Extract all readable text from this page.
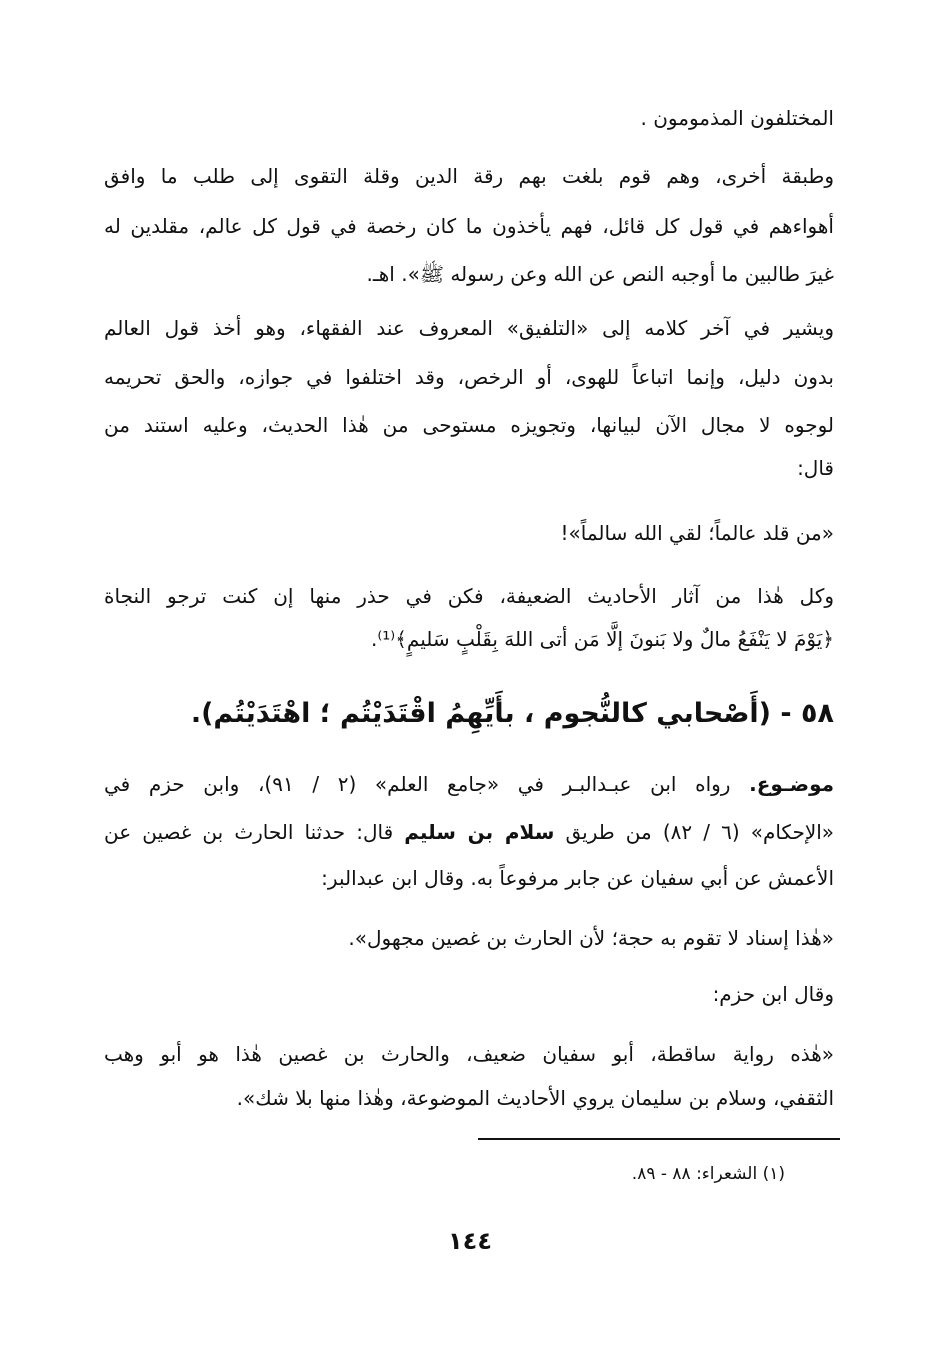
المختلفون المذمومون .
وطبقة أخرى، وهم قوم بلغت بهم رقة الدين وقلة التقوى إلى طلب ما وافق
أهواءهم في قول كل قائل، فهم يأخذون ما كان رخصة في قول كل عالم، مقلدين له
غيرَ طالبين ما أوجبه النص عن الله وعن رسوله ﷺ». اهـ.
ويشير في آخر كلامه إلى «التلفيق» المعروف عند الفقهاء، وهو أخذ قول العالم
بدون دليل، وإنما اتباعاً للهوى، أو الرخص، وقد اختلفوا في جوازه، والحق تحريمه
لوجوه لا مجال الآن لبيانها، وتجويزه مستوحى من هٰذا الحديث، وعليه استند من
قال:
«من قلد عالماً؛ لقي الله سالماً»!
وكل هٰذا من آثار الأحاديث الضعيفة، فكن في حذر منها إن كنت ترجو النجاة
﴿يَوْمَ لا يَنْفَعُ مالٌ ولا بَنونَ إلَّا مَن أتى اللهَ بِقَلْبٍ سَليمٍ﴾⁽¹⁾.
٥٨ - (أَصْحابي كالنُّجوم ، بأَيِّهِمُ اقْتَدَيْتُم ؛ اهْتَدَيْتُم).
موضـوع. رواه ابن عبـدالبـر في «جامع العلم» (٢ / ٩١)، وابن حزم في
«الإحكام» (٦ / ٨٢) من طريق سلام بن سليم قال: حدثنا الحارث بن غصين عن
الأعمش عن أبي سفيان عن جابر مرفوعاً به. وقال ابن عبدالبر:
«هٰذا إسناد لا تقوم به حجة؛ لأن الحارث بن غصين مجهول».
وقال ابن حزم:
«هٰذه رواية ساقطة، أبو سفيان ضعيف، والحارث بن غصين هٰذا هو أبو وهب
الثقفي، وسلام بن سليمان يروي الأحاديث الموضوعة، وهٰذا منها بلا شك».
(١) الشعراء: ٨٨ - ٨٩.
١٤٤
